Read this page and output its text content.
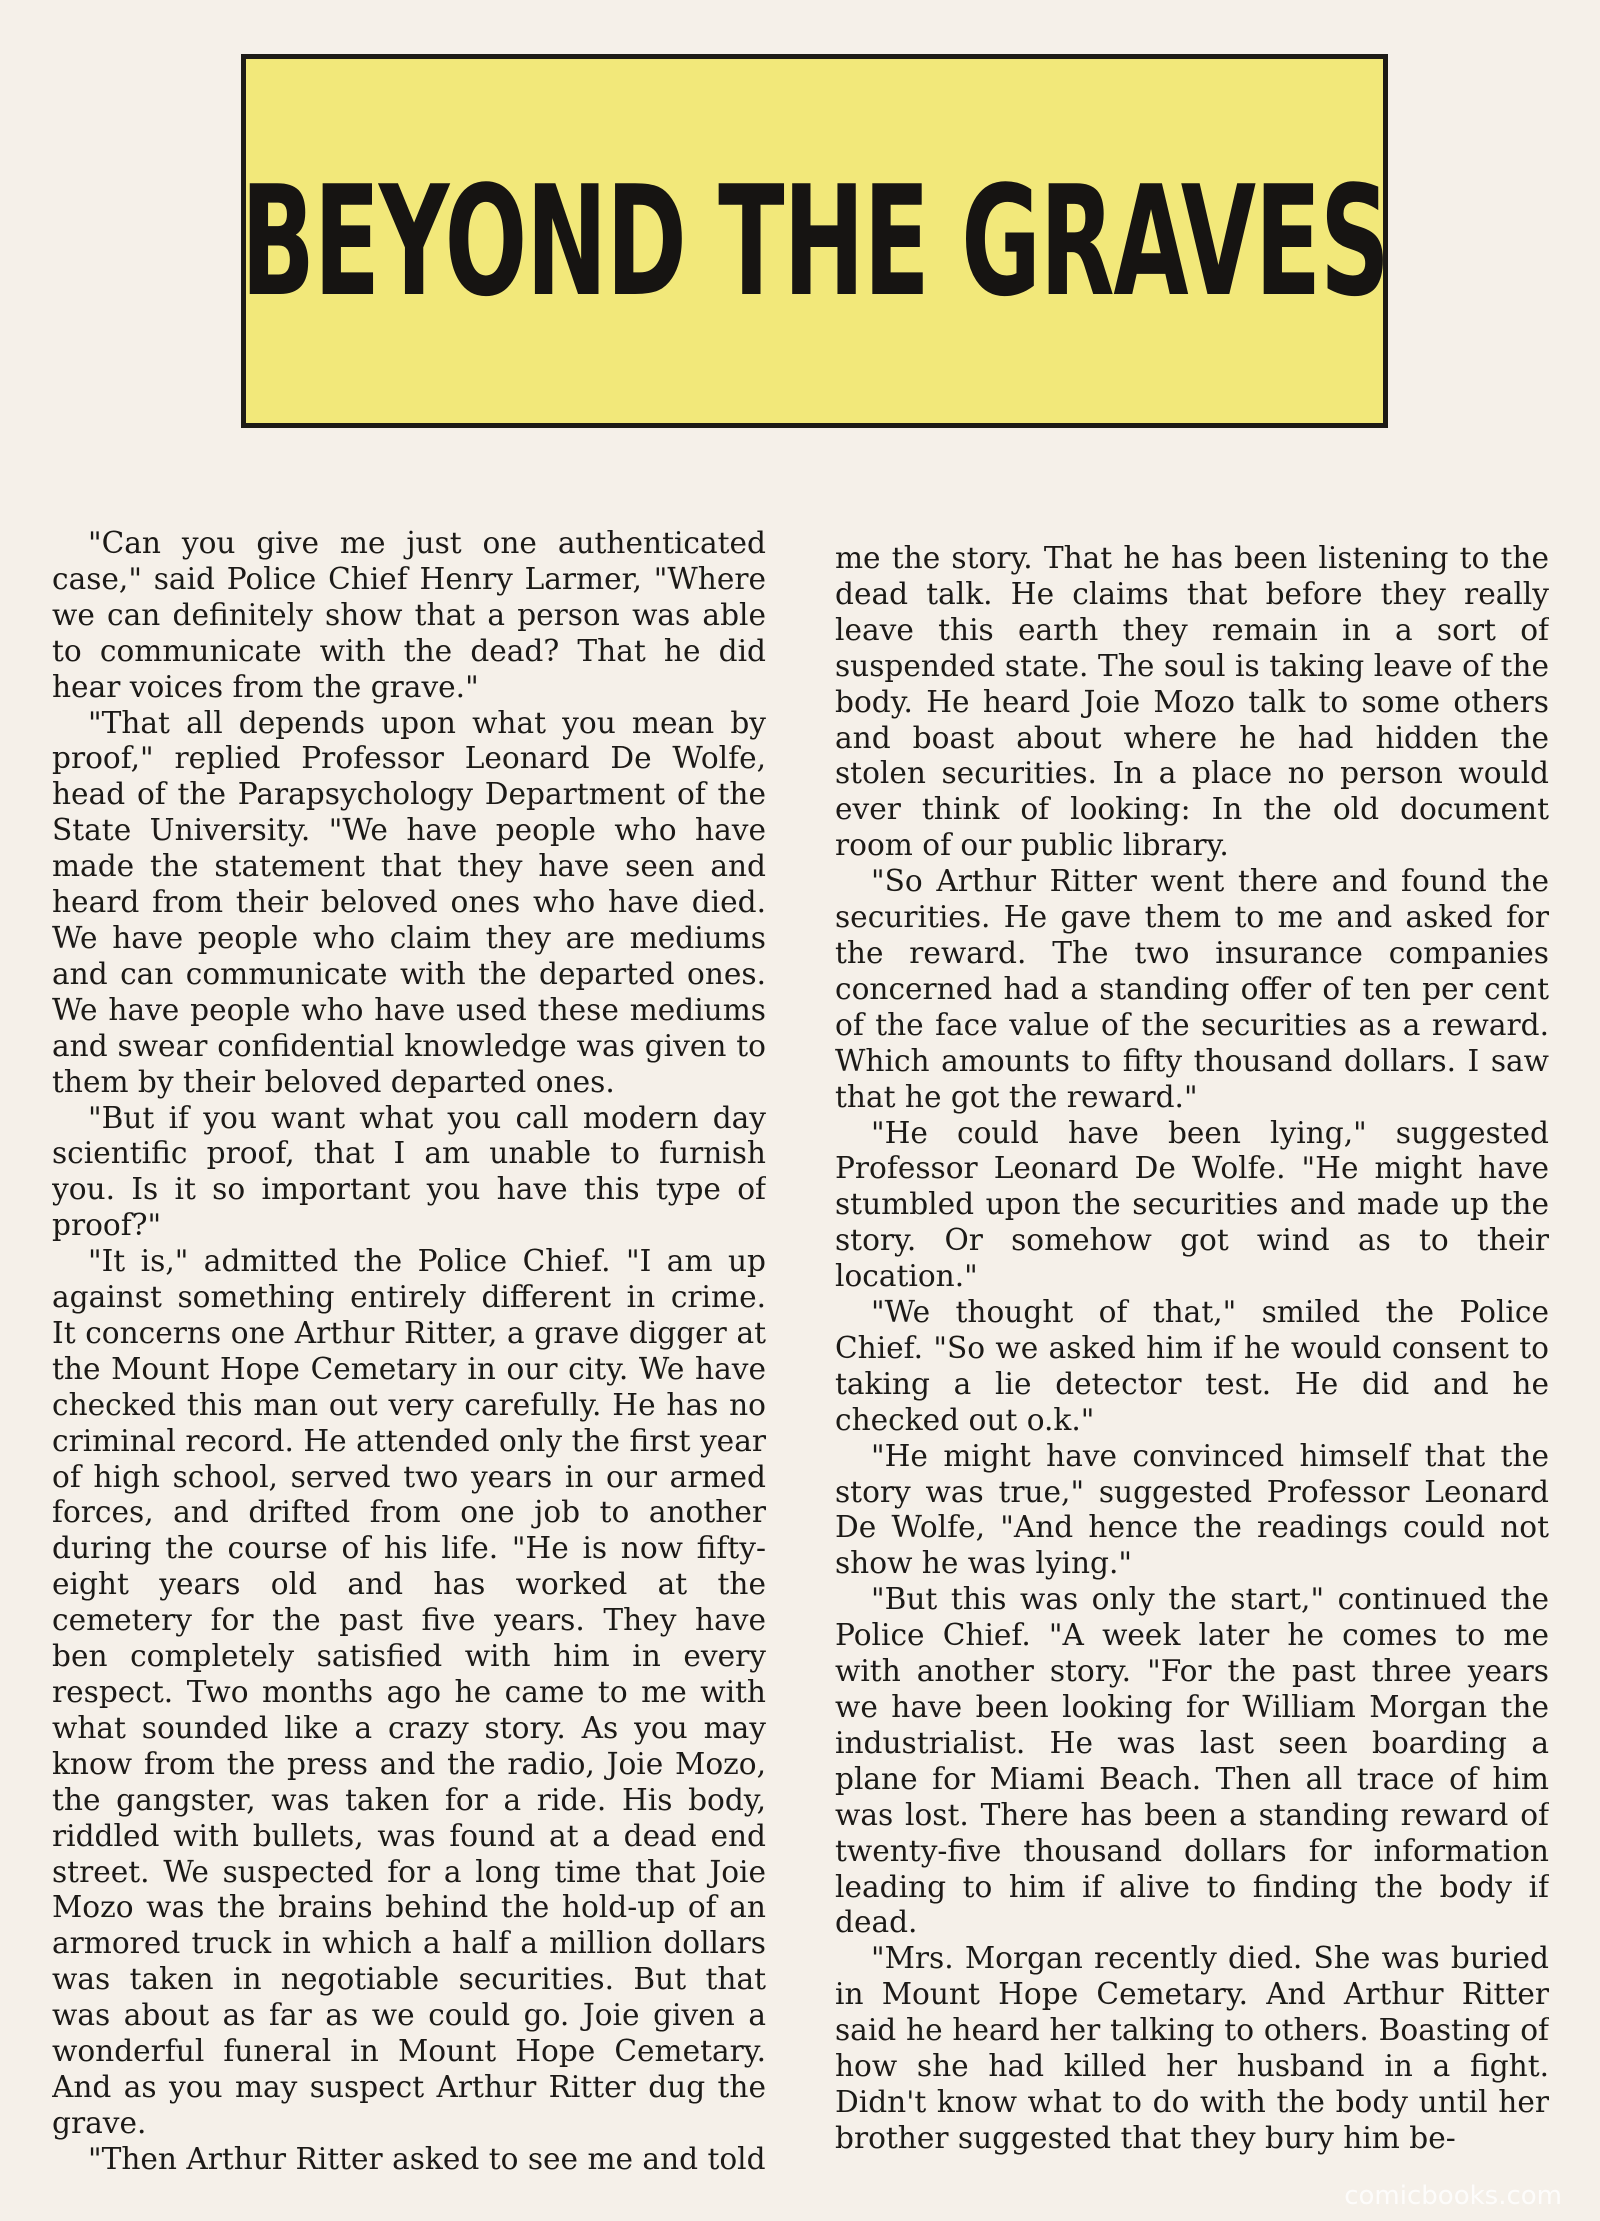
BEYOND THE GRAVES

"Can you give me just one authenticated case," said Police Chief Henry Larmer, "Where we can definitely show that a person was able to communicate with the dead? That he did hear voices from the grave."

"That all depends upon what you mean by proof," replied Professor Leonard De Wolfe, head of the Parapsychology Department of the State University. "We have people who have made the statement that they have seen and heard from their beloved ones who have died. We have people who claim they are mediums and can communicate with the departed ones. We have people who have used these mediums and swear confidential knowledge was given to them by their beloved departed ones.

"But if you want what you call modern day scientific proof, that I am unable to furnish you. Is it so important you have this type of proof?"

"It is," admitted the Police Chief. "I am up against something entirely different in crime. It concerns one Arthur Ritter, a grave digger at the Mount Hope Cemetary in our city. We have checked this man out very carefully. He has no criminal record. He attended only the first year of high school, served two years in our armed forces, and drifted from one job to another during the course of his life. "He is now fifty-eight years old and has worked at the cemetery for the past five years. They have ben completely satisfied with him in every respect. Two months ago he came to me with what sounded like a crazy story. As you may know from the press and the radio, Joie Mozo, the gangster, was taken for a ride. His body, riddled with bullets, was found at a dead end street. We suspected for a long time that Joie Mozo was the brains behind the hold-up of an armored truck in which a half a million dollars was taken in negotiable securities. But that was about as far as we could go. Joie given a wonderful funeral in Mount Hope Cemetary. And as you may suspect Arthur Ritter dug the grave.

"Then Arthur Ritter asked to see me and told

me the story. That he has been listening to the dead talk. He claims that before they really leave this earth they remain in a sort of suspended state. The soul is taking leave of the body. He heard Joie Mozo talk to some others and boast about where he had hidden the stolen securities. In a place no person would ever think of looking: In the old document room of our public library.

"So Arthur Ritter went there and found the securities. He gave them to me and asked for the reward. The two insurance companies concerned had a standing offer of ten per cent of the face value of the securities as a reward. Which amounts to fifty thousand dollars. I saw that he got the reward."

"He could have been lying," suggested Professor Leonard De Wolfe. "He might have stumbled upon the securities and made up the story. Or somehow got wind as to their location."

"We thought of that," smiled the Police Chief. "So we asked him if he would consent to taking a lie detector test. He did and he checked out o.k."

"He might have convinced himself that the story was true," suggested Professor Leonard De Wolfe, "And hence the readings could not show he was lying."

"But this was only the start," continued the Police Chief. "A week later he comes to me with another story. "For the past three years we have been looking for William Morgan the industrialist. He was last seen boarding a plane for Miami Beach. Then all trace of him was lost. There has been a standing reward of twenty-five thousand dollars for information leading to him if alive to finding the body if dead.

"Mrs. Morgan recently died. She was buried in Mount Hope Cemetary. And Arthur Ritter said he heard her talking to others. Boasting of how she had killed her husband in a fight. Didn't know what to do with the body until her brother suggested that they bury him be-

comicbooks.com
